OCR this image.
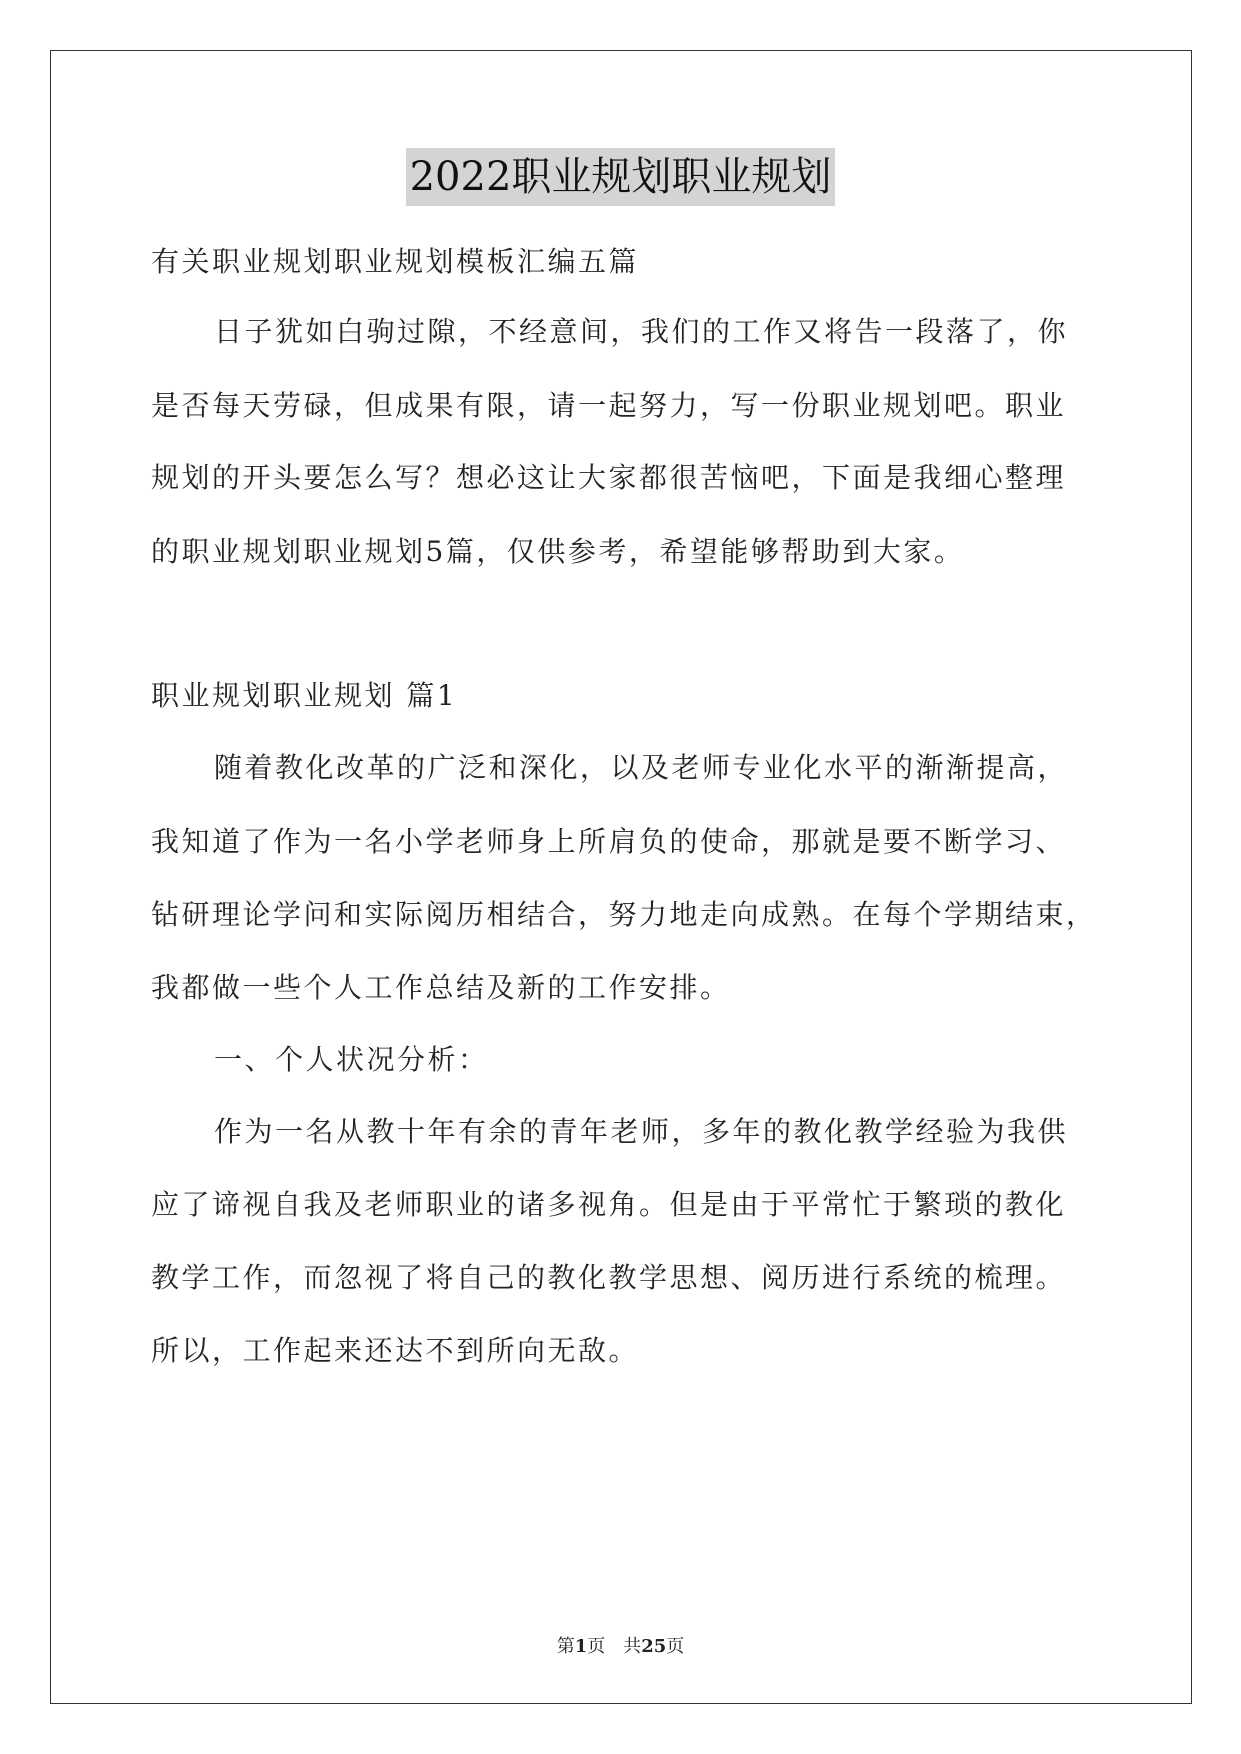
2022职业规划职业规划
有关职业规划职业规划模板汇编五篇
日子犹如白驹过隙，不经意间，我们的工作又将告一段落了，你
是否每天劳碌，但成果有限，请一起努力，写一份职业规划吧。职业
规划的开头要怎么写？想必这让大家都很苦恼吧，下面是我细心整理
的职业规划职业规划5篇，仅供参考，希望能够帮助到大家。
职业规划职业规划 篇1
随着教化改革的广泛和深化，以及老师专业化水平的渐渐提高，
我知道了作为一名小学老师身上所肩负的使命，那就是要不断学习、
钻研理论学问和实际阅历相结合，努力地走向成熟。在每个学期结束，
我都做一些个人工作总结及新的工作安排。
一、个人状况分析：
作为一名从教十年有余的青年老师，多年的教化教学经验为我供
应了谛视自我及老师职业的诸多视角。但是由于平常忙于繁琐的教化
教学工作，而忽视了将自己的教化教学思想、阅历进行系统的梳理。
所以，工作起来还达不到所向无敌。
第1页　共25页
